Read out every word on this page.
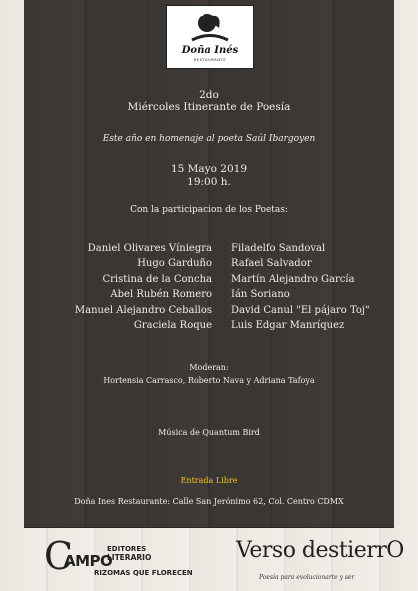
Doña Inés
RESTAURANTE
2do
Miércoles Itinerante de Poesía
Este año en homenaje al poeta Saúl Ibargoyen
15 Mayo 2019
19:00 h.
Con la participacion de los Poetas:
Daniel Olivares Víniegra
Hugo Garduño
Cristina de la Concha
Abel Rubén Romero
Manuel Alejandro Ceballos
Graciela Roque
Filadelfo Sandoval
Rafael Salvador
Martín Alejandro García
Ián Soriano
David Canul "El pájaro Toj"
Luis Edgar Manríquez
Moderan:
Hortensia Carrasco, Roberto Nava y Adriana Tafoya
Música de Quantum Bird
Entrada Libre
Doña Ines Restaurante: Calle San Jerónimo 62, Col. Centro CDMX
C
AMPO
EDITORES
LITERARIO
RIZOMAS QUE FLORECEN
Verso destierrO
Poesía para evolucionarte y ser
